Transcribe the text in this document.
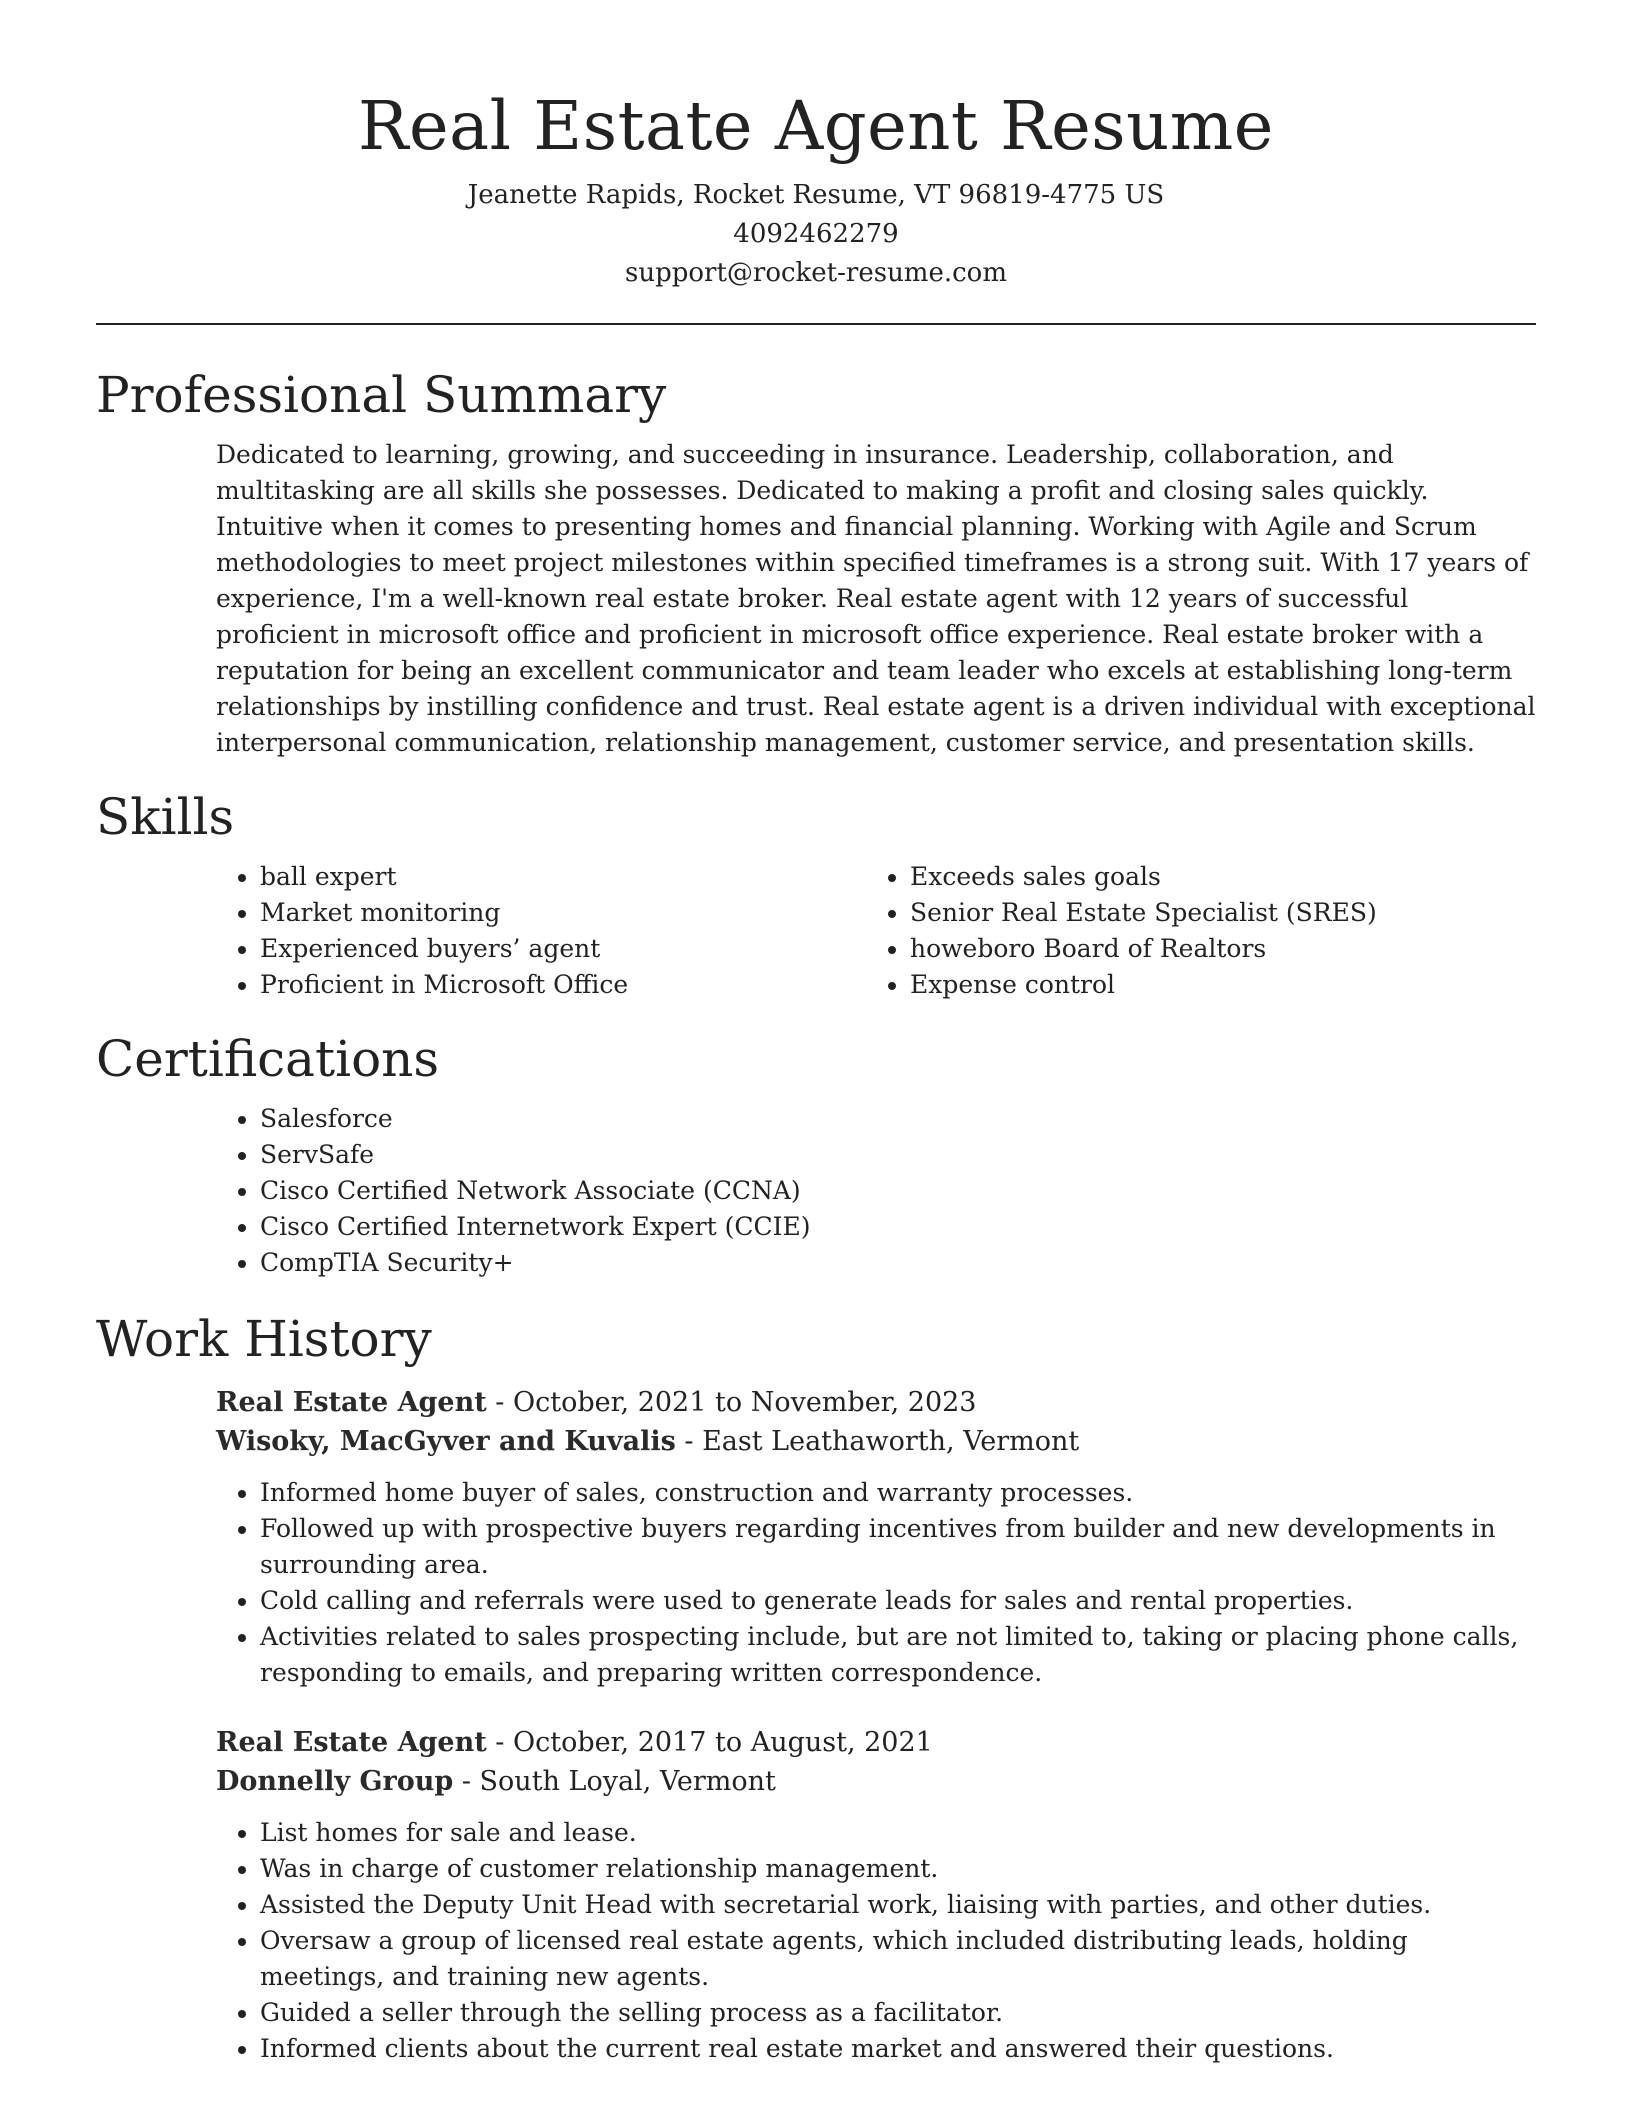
Real Estate Agent Resume

Jeanette Rapids, Rocket Resume, VT 96819-4775 US

4092462279

support@rocket-resume.com

Professional Summary

Dedicated to learning, growing, and succeeding in insurance. Leadership, collaboration, and multitasking are all skills she possesses. Dedicated to making a profit and closing sales quickly. Intuitive when it comes to presenting homes and financial planning. Working with Agile and Scrum methodologies to meet project milestones within specified timeframes is a strong suit. With 17 years of experience, I'm a well-known real estate broker. Real estate agent with 12 years of successful proficient in microsoft office and proficient in microsoft office experience. Real estate broker with a reputation for being an excellent communicator and team leader who excels at establishing long-term relationships by instilling confidence and trust. Real estate agent is a driven individual with exceptional interpersonal communication, relationship management, customer service, and presentation skills.

Skills
• ball expert
• Market monitoring
• Experienced buyers’ agent
• Proficient in Microsoft Office
• Exceeds sales goals
• Senior Real Estate Specialist (SRES)
• howeboro Board of Realtors
• Expense control
Certifications
• Salesforce
• ServSafe
• Cisco Certified Network Associate (CCNA)
• Cisco Certified Internetwork Expert (CCIE)
• CompTIA Security+
Work History

Real Estate Agent - October, 2021 to November, 2023

Wisoky, MacGyver and Kuvalis - East Leathaworth, Vermont

• Informed home buyer of sales, construction and warranty processes.
• Followed up with prospective buyers regarding incentives from builder and new developments in surrounding area.
• Cold calling and referrals were used to generate leads for sales and rental properties.
• Activities related to sales prospecting include, but are not limited to, taking or placing phone calls, responding to emails, and preparing written correspondence.

Real Estate Agent - October, 2017 to August, 2021

Donnelly Group - South Loyal, Vermont

• List homes for sale and lease.
• Was in charge of customer relationship management.
• Assisted the Deputy Unit Head with secretarial work, liaising with parties, and other duties.
• Oversaw a group of licensed real estate agents, which included distributing leads, holding meetings, and training new agents.
• Guided a seller through the selling process as a facilitator.
• Informed clients about the current real estate market and answered their questions.
